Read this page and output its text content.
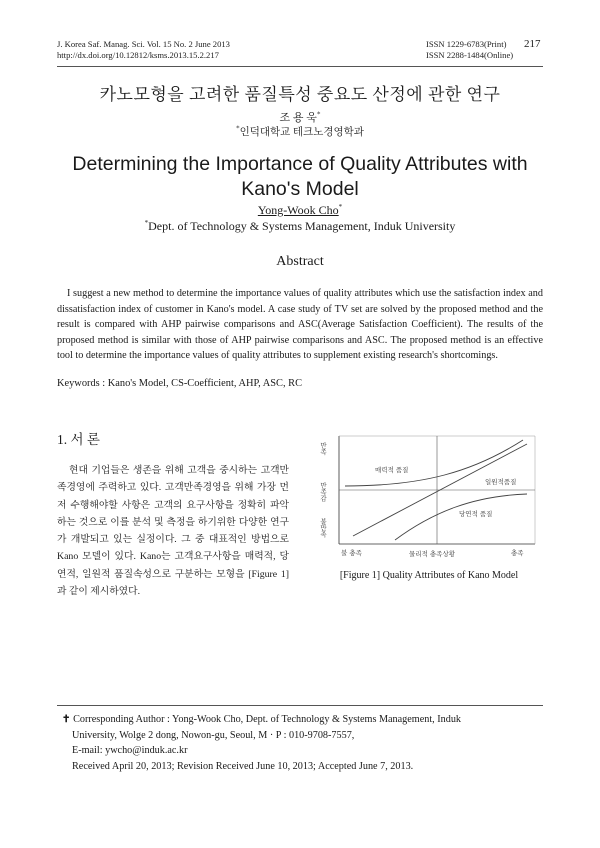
J. Korea Saf. Manag. Sci. Vol. 15 No. 2 June 2013
http://dx.doi.org/10.12812/ksms.2013.15.2.217
ISSN 1229-6783(Print)
ISSN 2288-1484(Online)
217
카노모형을 고려한 품질특성 중요도 산정에 관한 연구
조 용 욱*
*인덕대학교 테크노경영학과
Determining the Importance of Quality Attributes with
Kano's Model
Yong-Wook Cho*
*Dept. of Technology & Systems Management, Induk University
Abstract
I suggest a new method to determine the importance values of quality attributes which use the satisfaction index and dissatisfaction index of customer in Kano's model. A case study of TV set are solved by the proposed method and the result is compared with AHP pairwise comparisons and ASC(Average Satisfaction Coefficient). The results of the proposed method is similar with those of AHP pairwise comparisons and ASC. The proposed method is an effective tool to determine the importance values of quality attributes to supplement existing research's shortcomings.
Keywords : Kano's Model, CS-Coefficient, AHP, ASC, RC
1. 서 론
현대 기업들은 생존을 위해 고객을 중시하는 고객만족경영에 주력하고 있다. 고객만족경영을 위해 가장 먼저 수행해야할 사항은 고객의 요구사항을 정확히 파악하는 것으로 이를 분석 및 측정을 하기위한 다양한 연구가 개발되고 있는 실정이다. 그 중 대표적인 방법으로 Kano 모델이 있다. Kano는 고객요구사항을 매력적, 당연적, 일원적 품질속성으로 구분하는 모형을 [Figure 1]과 같이 제시하였다.
만족
만족감
불만족
불 충족	물리적 충족상황	충족
매력적 품질
일원적품질
당연적 품질
[Figure 1] Quality Attributes of Kano Model
✝ Corresponding Author : Yong-Wook Cho, Dept. of Technology & Systems Management, Induk
University, Wolge 2 dong, Nowon-gu, Seoul, M · P : 010-9708-7557,
E-mail: ywcho@induk.ac.kr
Received April 20, 2013; Revision Received June 10, 2013; Accepted June 7, 2013.
